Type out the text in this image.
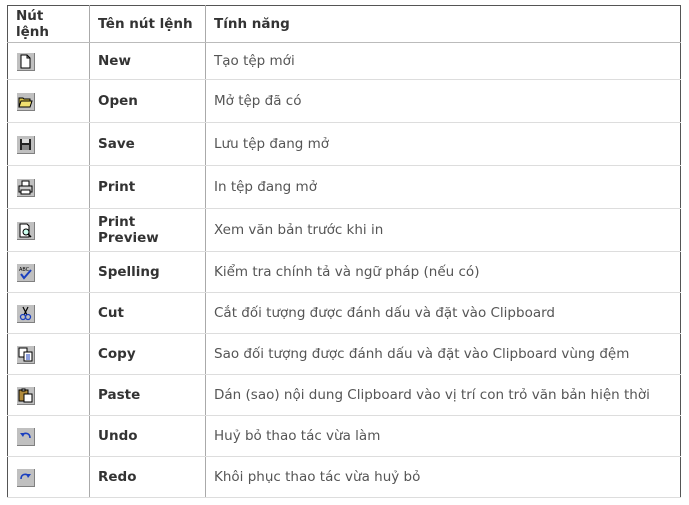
Nút lệnh	Tên nút lệnh	Tính năng

	New	Tạo tệp mới

	Open	Mở tệp đã có

	Save	Lưu tệp đang mở

	Print	In tệp đang mở

	Print Preview	Xem văn bản trước khi in

ABC	Spelling	Kiểm tra chính tả và ngữ pháp (nếu có)

	Cut	Cắt đối tượng được đánh dấu và đặt vào Clipboard

	Copy	Sao đối tượng được đánh dấu và đặt vào Clipboard vùng đệm

	Paste	Dán (sao) nội dung Clipboard vào vị trí con trỏ văn bản hiện thời

	Undo	Huỷ bỏ thao tác vừa làm

	Redo	Khôi phục thao tác vừa huỷ bỏ
